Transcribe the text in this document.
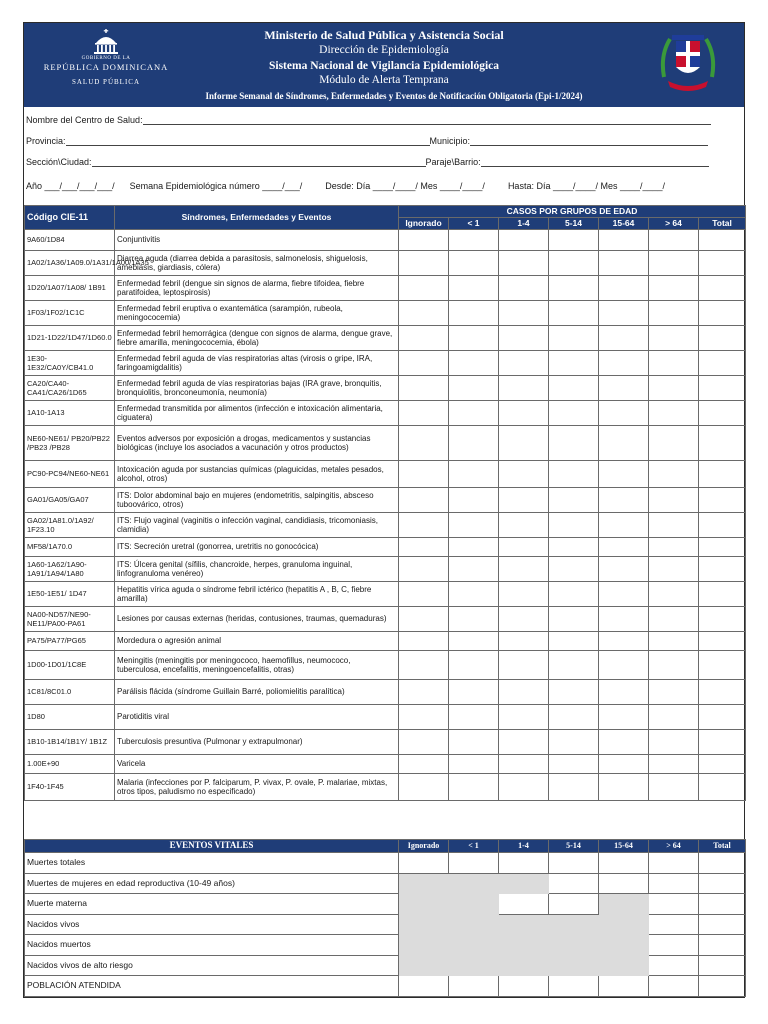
GOBIERNO DE LA
REPÚBLICA DOMINICANA
SALUD PÚBLICA
Ministerio de Salud Pública y Asistencia Social
Dirección de Epidemiología
Sistema Nacional de Vigilancia Epidemiológica
Módulo de Alerta Temprana
Informe Semanal de Síndromes, Enfermedades y Eventos de Notificación Obligatoria (Epi-1/2024)
Nombre del Centro de Salud:
Provincia:	Municipio:
Sección\Ciudad:	Paraje\Barrio:
Año ___/___/___/___/ Semana Epidemiológica número ____/___/	Desde: Día ____/____/ Mes ____/____/	Hasta: Día ____/____/ Mes ____/____/
Código CIE-11	Síndromes, Enfermedades y Eventos	CASOS POR GRUPOS DE EDAD						
		Ignorado	< 1	1-4	5-14	15-64	> 64	Total
9A60/1D84	Conjuntivitis							
1A02/1A36/1A09.0/1A31/1A00/1A35	Diarrea aguda (diarrea debida a parasitosis, salmonelosis, shiguelosis, amebiasis, giardiasis, cólera)							
1D20/1A07/1A08/ 1B91	Enfermedad febril (dengue sin signos de alarma, fiebre tifoidea, fiebre paratifoidea, leptospirosis)							
1F03/1F02/1C1C	Enfermedad febril eruptiva o exantemática (sarampión, rubeola, meningococemia)							
1D21-1D22/1D47/1D60.0	Enfermedad febril hemorrágica (dengue con signos de alarma, dengue grave, fiebre amarilla, meningococemia, ébola)							
1E30-1E32/CA0Y/CB41.0	Enfermedad febril aguda de vías respiratorias altas (virosis o gripe, IRA, faringoamigdalitis)							
CA20/CA40-CA41/CA26/1D65	Enfermedad febril aguda de vías respiratorias bajas (IRA grave, bronquitis, bronquiolitis, bronconeumonía, neumonía)							
1A10-1A13	Enfermedad transmitida por alimentos (infección e intoxicación alimentaria, ciguatera)							
NE60-NE61/ PB20/PB22 /PB23 /PB28	Eventos adversos por exposición a drogas, medicamentos y sustancias biológicas (incluye los asociados a vacunación y otros productos)							
PC90-PC94/NE60-NE61	Intoxicación aguda por sustancias químicas (plaguicidas, metales pesados, alcohol, otros)							
GA01/GA05/GA07	ITS: Dolor abdominal bajo en mujeres (endometritis, salpingitis, absceso tuboovárico, otros)							
GA02/1A81.0/1A92/ 1F23.10	ITS: Flujo vaginal (vaginitis o infección vaginal, candidiasis, tricomoniasis, clamidia)							
MF58/1A70.0	ITS: Secreción uretral (gonorrea, uretritis no gonocócica)							
1A60-1A62/1A90-1A91/1A94/1A80	ITS: Úlcera genital (sífilis, chancroide, herpes, granuloma inguinal, linfogranuloma venéreo)							
1E50-1E51/ 1D47	Hepatitis vírica aguda o síndrome febril ictérico (hepatitis A , B, C, fiebre amarilla)							
NA00-ND57/NE90-NE11/PA00-PA61	Lesiones por causas externas (heridas, contusiones, traumas, quemaduras)							
PA75/PA77/PG65	Mordedura o agresión animal							
1D00-1D01/1C8E	Meningitis (meningitis por meningococo, haemofillus, neumococo, tuberculosa, encefalitis, meningoencefalitis, otras)							
1C81/8C01.0	Parálisis flácida (síndrome Guillain Barré, poliomielitis paralítica)							
1D80	Parotiditis viral							
1B10-1B14/1B1Y/ 1B1Z	Tuberculosis presuntiva (Pulmonar y extrapulmonar)							
1.00E+90	Varicela							
1F40-1F45	Malaria (infecciones por P. falciparum, P. vivax, P. ovale, P. malariae, mixtas, otros tipos, paludismo no especificado)							
EVENTOS VITALES	Ignorado	< 1	1-4	5-14	15-64	> 64	Total
Muertes totales							
Muertes de mujeres en edad reproductiva (10-49 años)							
Muerte materna							
Nacidos vivos							
Nacidos muertos							
Nacidos vivos de alto riesgo							
POBLACIÓN ATENDIDA							
